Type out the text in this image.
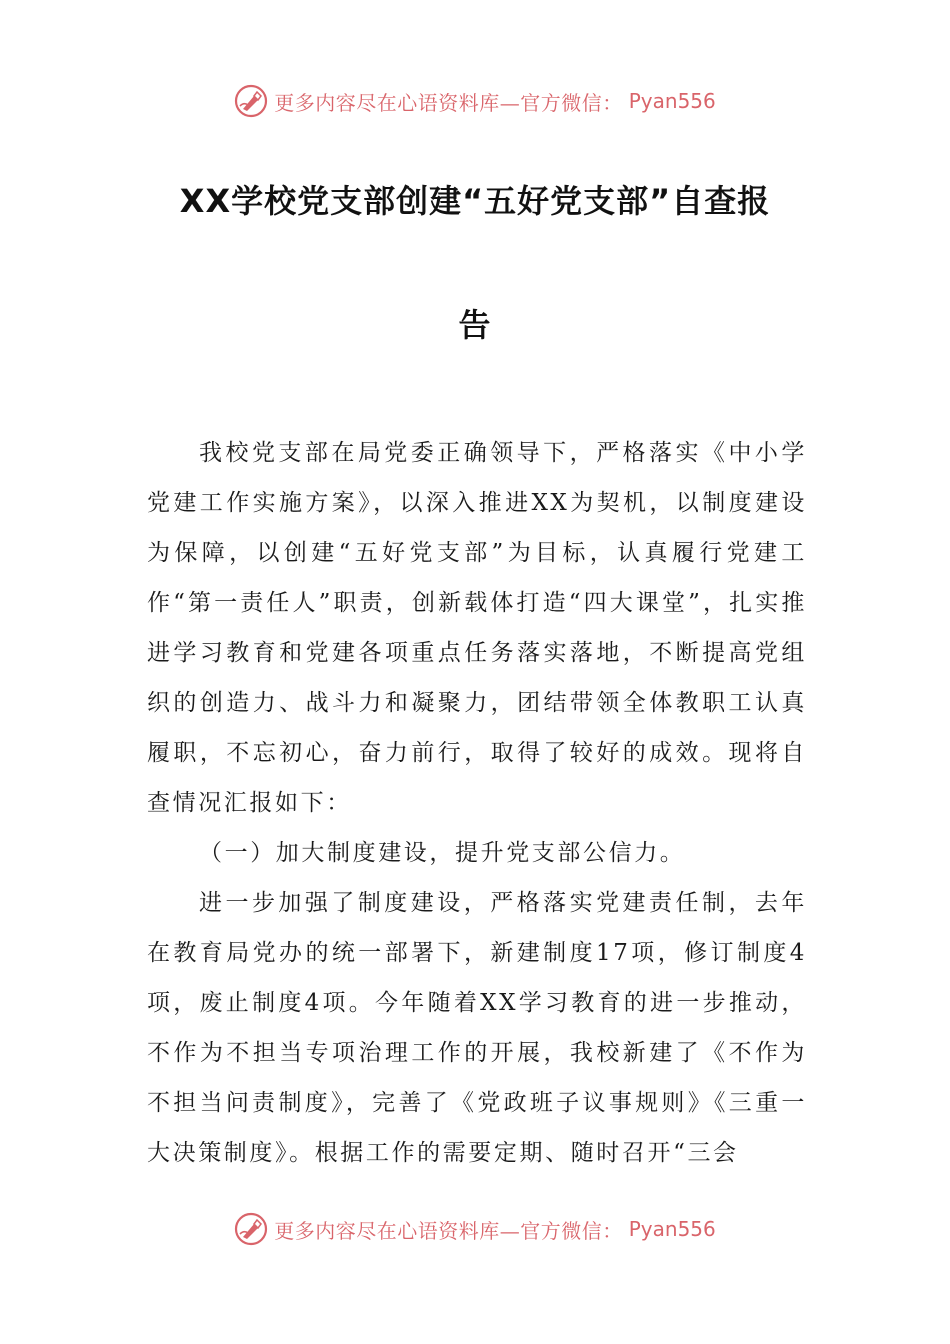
更多内容尽在心语资料库—官方微信： Pyan556
XX学校党支部创建“五好党支部”自查报
告

我校党支部在局党委正确领导下，严格落实《中小学党建工作实施方案》，以深入推进XX为契机，以制度建设为保障，以创建“五好党支部”为目标，认真履行党建工作“第一责任人”职责，创新载体打造“四大课堂”，扎实推进学习教育和党建各项重点任务落实落地，不断提高党组织的创造力、战斗力和凝聚力，团结带领全体教职工认真履职，不忘初心，奋力前行，取得了较好的成效。现将自查情况汇报如下：

（一）加大制度建设，提升党支部公信力。

进一步加强了制度建设，严格落实党建责任制，去年在教育局党办的统一部署下，新建制度17项，修订制度4项，废止制度4项。今年随着XX学习教育的进一步推动，不作为不担当专项治理工作的开展，我校新建了《不作为不担当问责制度》，完善了《党政班子议事规则》《三重一大决策制度》。根据工作的需要定期、随时召开“三会

更多内容尽在心语资料库—官方微信： Pyan556
